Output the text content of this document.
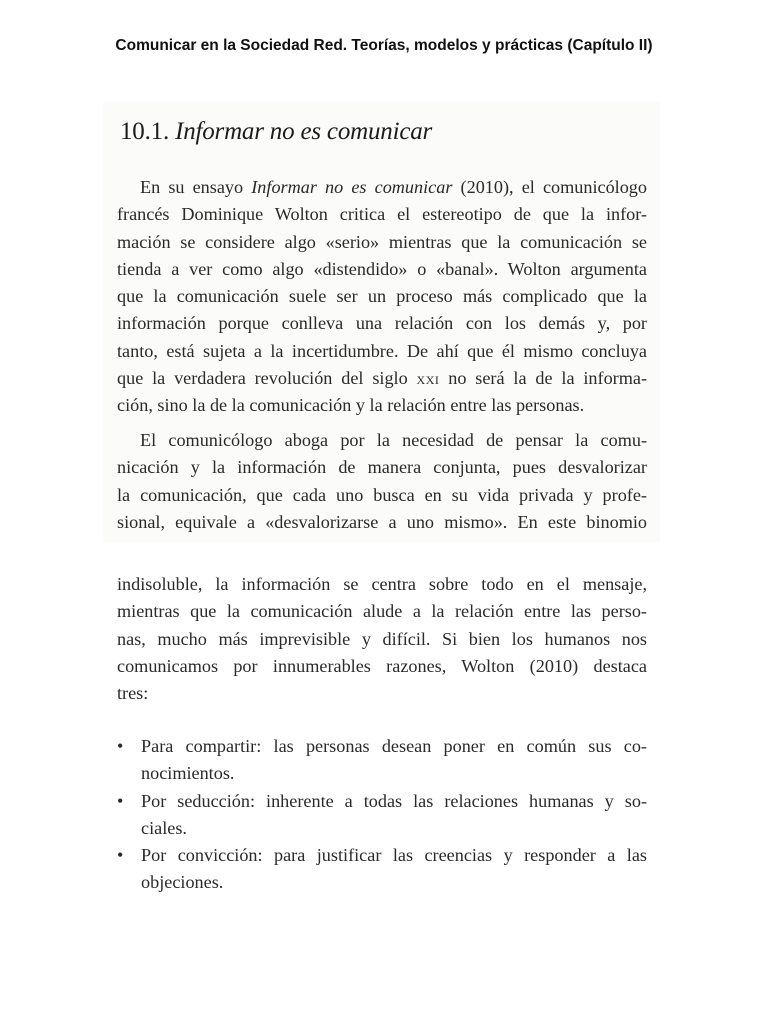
Comunicar en la Sociedad Red. Teorías, modelos y prácticas (Capítulo II)
10.1. Informar no es comunicar
En su ensayo Informar no es comunicar (2010), el comunicólogo
francés Dominique Wolton critica el estereotipo de que la infor-
mación se considere algo «serio» mientras que la comunicación se
tienda a ver como algo «distendido» o «banal». Wolton argumenta
que la comunicación suele ser un proceso más complicado que la
información porque conlleva una relación con los demás y, por
tanto, está sujeta a la incertidumbre. De ahí que él mismo concluya
que la verdadera revolución del siglo xxi no será la de la informa-
ción, sino la de la comunicación y la relación entre las personas.
El comunicólogo aboga por la necesidad de pensar la comu-
nicación y la información de manera conjunta, pues desvalorizar
la comunicación, que cada uno busca en su vida privada y profe-
sional, equivale a «desvalorizarse a uno mismo». En este binomio
indisoluble, la información se centra sobre todo en el mensaje,
mientras que la comunicación alude a la relación entre las perso-
nas, mucho más imprevisible y difícil. Si bien los humanos nos
comunicamos por innumerables razones, Wolton (2010) destaca
tres:
• Para compartir: las personas desean poner en común sus co-
nocimientos.
• Por seducción: inherente a todas las relaciones humanas y so-
ciales.
• Por convicción: para justificar las creencias y responder a las
objeciones.
